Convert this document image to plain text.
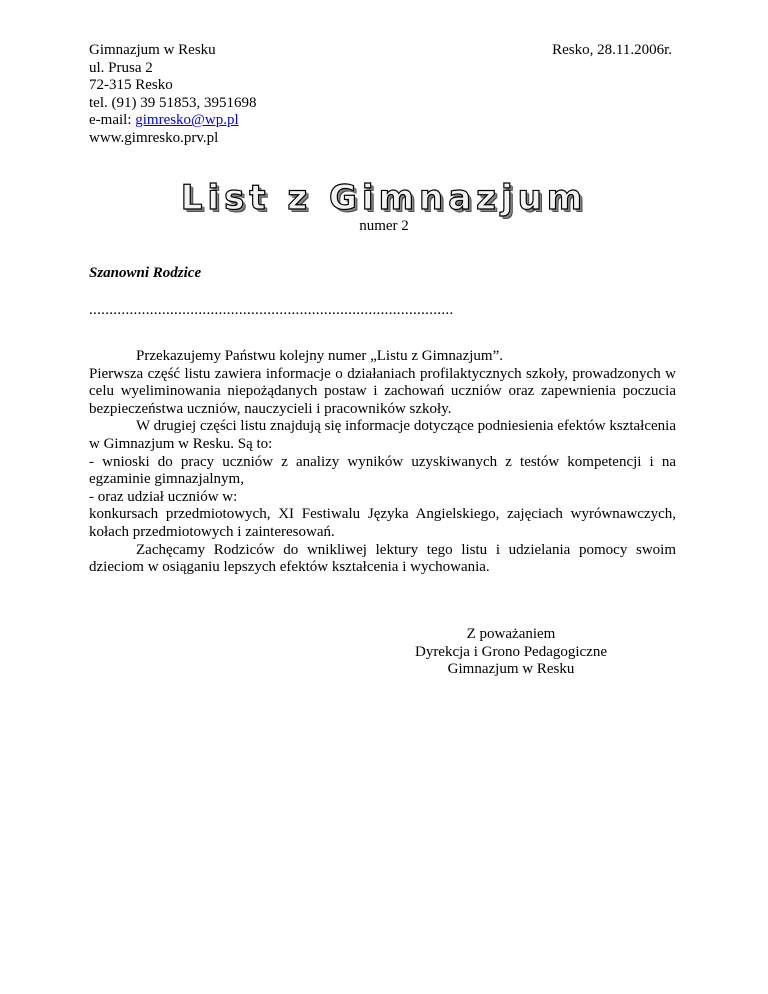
Gimnazjum w Resku
ul. Prusa 2
72-315 Resko
tel. (91) 39 51853, 3951698
e-mail: gimresko@wp.pl
www.gimresko.prv.pl
Resko, 28.11.2006r.
List z Gimnazjum
numer 2
Szanowni Rodzice
..........................................................................................

Przekazujemy Państwu kolejny numer „Listu z Gimnazjum”.

Pierwsza część listu zawiera informacje o działaniach profilaktycznych szkoły, prowadzonych w celu wyeliminowania niepożądanych postaw i zachowań uczniów oraz zapewnienia poczucia bezpieczeństwa uczniów, nauczycieli i pracowników szkoły.

W drugiej części listu znajdują się informacje dotyczące podniesienia efektów kształcenia w Gimnazjum w Resku. Są to:

- wnioski do pracy uczniów z analizy wyników uzyskiwanych z testów kompetencji i na egzaminie gimnazjalnym,

- oraz udział uczniów w:

konkursach przedmiotowych, XI Festiwalu Języka Angielskiego, zajęciach wyrównawczych, kołach przedmiotowych i zainteresowań.

Zachęcamy Rodziców do wnikliwej lektury tego listu i udzielania pomocy swoim dzieciom w osiąganiu lepszych efektów kształcenia i wychowania.

Z poważaniem
Dyrekcja i Grono Pedagogiczne
Gimnazjum w Resku
